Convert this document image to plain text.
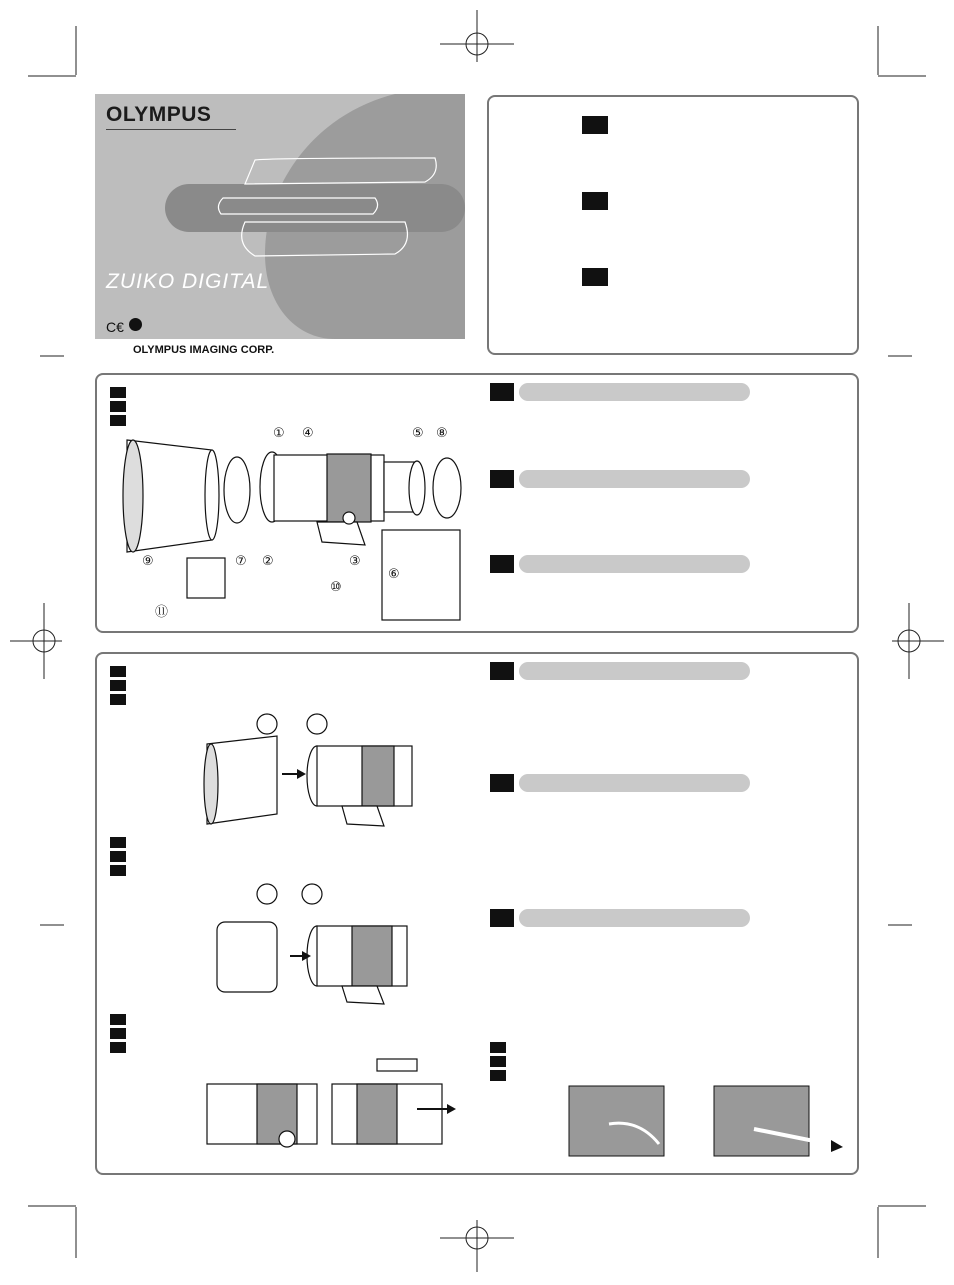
OLYMPUS
ZUIKO DIGITAL
C€
OLYMPUS IMAGING CORP.
① ④	⑤ ⑧
⑨	⑦ ②	③
⑩
⑥
⑪
